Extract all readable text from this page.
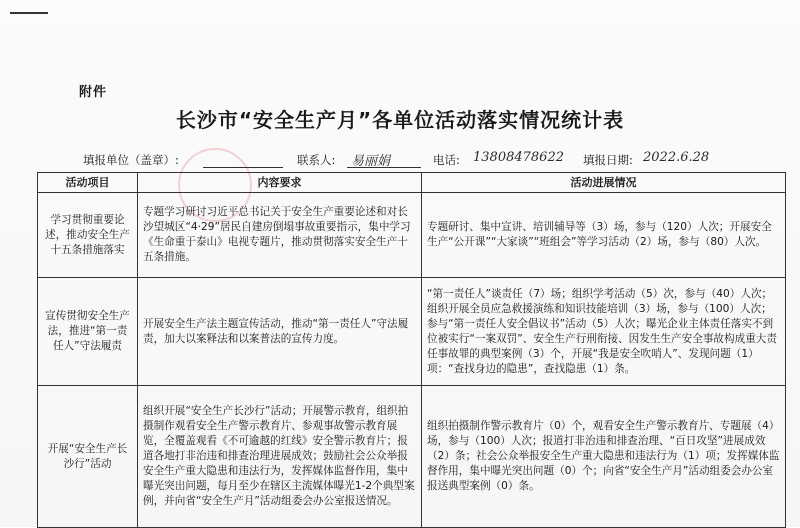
附件
长沙市“安全生产月”各单位活动落实情况统计表
填报单位（盖章）:	联系人: 易丽娟	电话: 13808478622 填报日期: 2022.6.28
活动项目	内容要求	活动进展情况
学习贯彻重要论述，推动安全生产十五条措施落实	专题学习研讨习近平总书记关于安全生产重要论述和对长沙望城区“4·29”居民自建房倒塌事故重要指示，集中学习《生命重于泰山》电视专题片，推动贯彻落实安全生产十五条措施。	专题研讨、集中宣讲、培训辅导等（3）场，参与（120）人次；开展安全生产“公开课”“大家谈”“班组会”等学习活动（2）场，参与（80）人次。
宣传贯彻安全生产法，推进“第一责任人”守法履责	开展安全生产法主题宣传活动，推动“第一责任人”守法履责，加大以案释法和以案普法的宣传力度。	“第一责任人”谈责任（7）场；组织学考活动（5）次，参与（40）人次；组织开展全员应急救援演练和知识技能培训（3）场，参与（100）人次；参与“第一责任人安全倡议书”活动（5）人次；曝光企业主体责任落实不到位被实行“一案双罚”、安全生产行刑衔接、因发生生产安全事故构成重大责任事故罪的典型案例（3）个，开展“我是安全吹哨人”、发现问题（1）项：“查找身边的隐患”，查找隐患（1）条。
开展“安全生产长沙行”活动	组织开展“安全生产长沙行”活动；开展警示教育，组织拍摄制作观看安全生产警示教育片、参观事故警示教育展览，全覆盖观看《不可逾越的红线》安全警示教育片；报道各地打非治违和排查治理进展成效；鼓励社会公众举报安全生产重大隐患和违法行为，发挥媒体监督作用，集中曝光突出问题，每月至少在辖区主流媒体曝光1-2个典型案例，并向省“安全生产月”活动组委会办公室报送情况。	组织拍摄制作警示教育片（0）个，观看安全生产警示教育片、专题展（4）场，参与（100）人次；报道打非治违和排查治理、“百日攻坚”进展成效（2）条；社会公众举报安全生产重大隐患和违法行为（1）项；发挥媒体监督作用，集中曝光突出问题（0）个；向省“安全生产月”活动组委会办公室报送典型案例（0）条。
